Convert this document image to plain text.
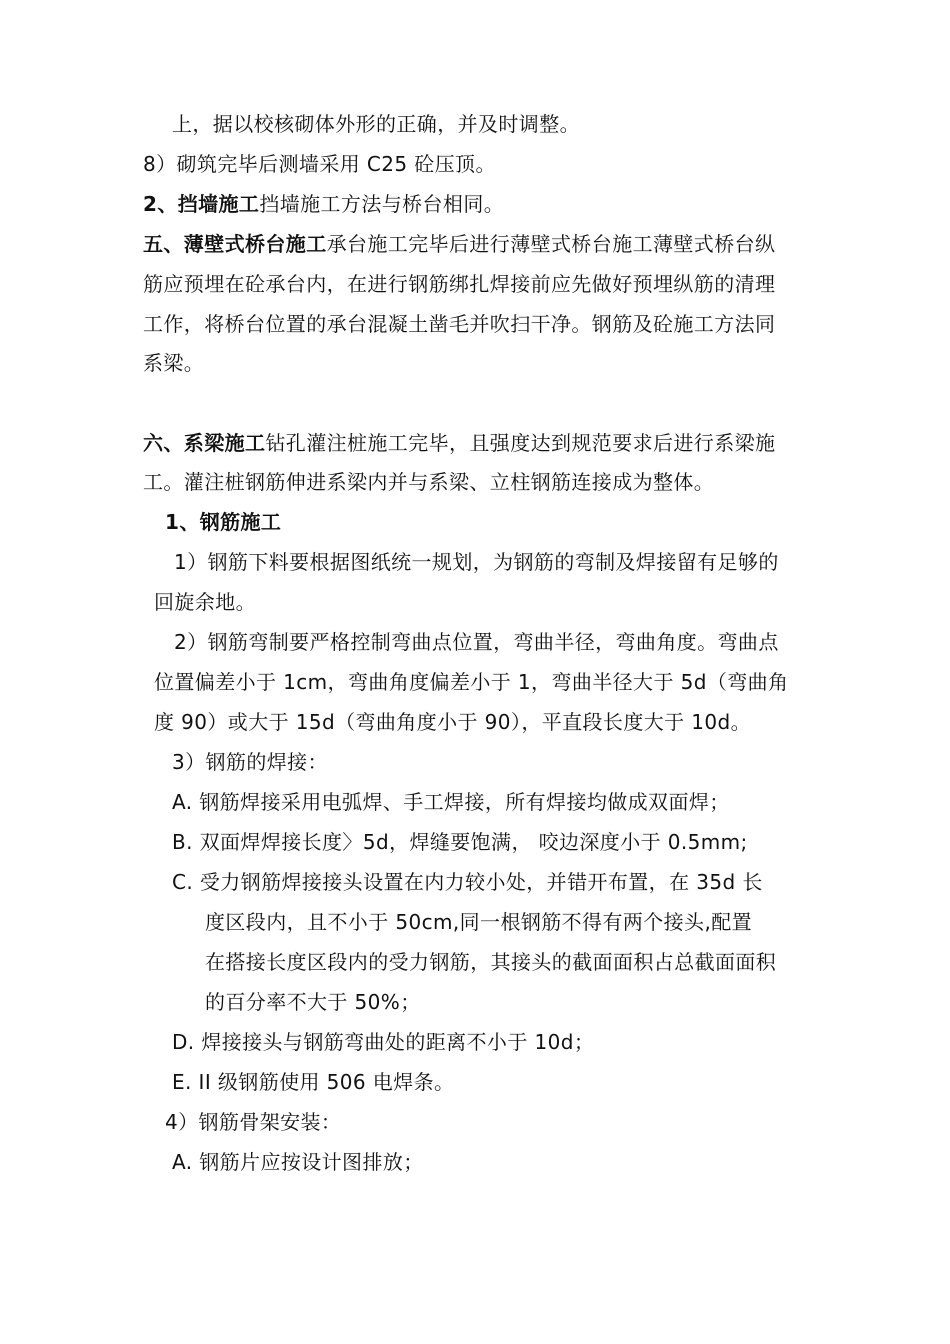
上，据以校核砌体外形的正确，并及时调整。
8）砌筑完毕后测墙采用 C25 砼压顶。
2、挡墙施工挡墙施工方法与桥台相同。
五、薄壁式桥台施工承台施工完毕后进行薄壁式桥台施工薄壁式桥台纵
筋应预埋在砼承台内，在进行钢筋绑扎焊接前应先做好预埋纵筋的清理
工作，将桥台位置的承台混凝土凿毛并吹扫干净。钢筋及砼施工方法同
系梁。
六、系梁施工钻孔灌注桩施工完毕，且强度达到规范要求后进行系梁施
工。灌注桩钢筋伸进系梁内并与系梁、立柱钢筋连接成为整体。
1、钢筋施工
1）钢筋下料要根据图纸统一规划，为钢筋的弯制及焊接留有足够的
回旋余地。
2）钢筋弯制要严格控制弯曲点位置，弯曲半径，弯曲角度。弯曲点
位置偏差小于 1cm，弯曲角度偏差小于 1，弯曲半径大于 5d（弯曲角
度 90）或大于 15d（弯曲角度小于 90），平直段长度大于 10d。
3）钢筋的焊接：
A. 钢筋焊接采用电弧焊、手工焊接，所有焊接均做成双面焊；
B. 双面焊焊接长度〉5d，焊缝要饱满， 咬边深度小于 0.5mm;
C. 受力钢筋焊接接头设置在内力较小处，并错开布置，在 35d 长
度区段内，且不小于 50cm,同一根钢筋不得有两个接头,配置
在搭接长度区段内的受力钢筋，其接头的截面面积占总截面面积
的百分率不大于 50%；
D. 焊接接头与钢筋弯曲处的距离不小于 10d；
E. II 级钢筋使用 506 电焊条。
4）钢筋骨架安装：
A. 钢筋片应按设计图排放；
